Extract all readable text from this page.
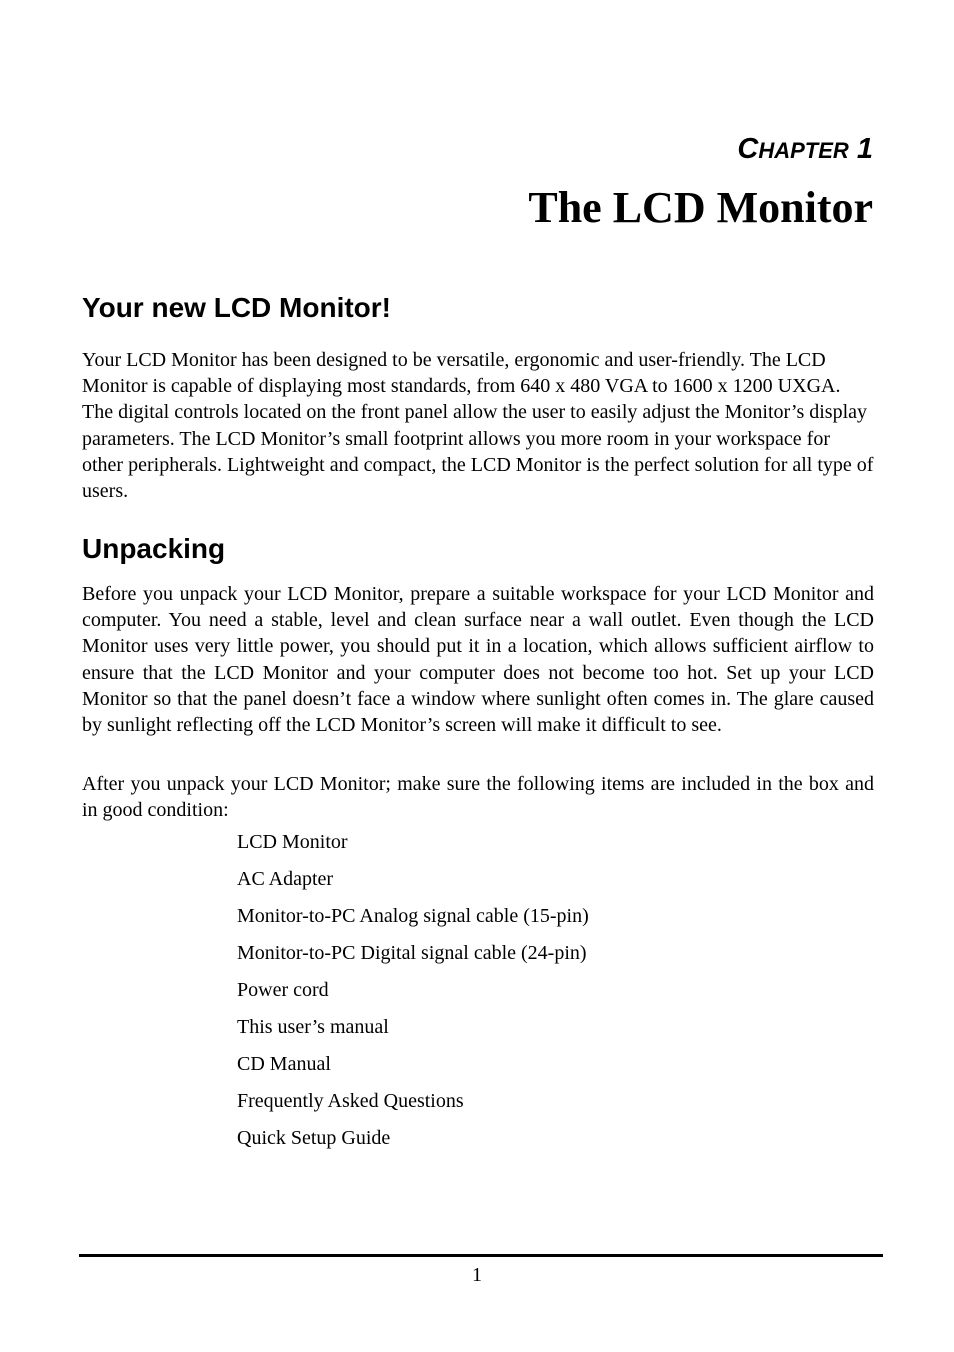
CHAPTER 1
The LCD Monitor
Your new LCD Monitor!

Your LCD Monitor has been designed to be versatile, ergonomic and user-friendly. The LCD Monitor is capable of displaying most standards, from 640 x 480 VGA to 1600 x 1200 UXGA. The digital controls located on the front panel allow the user to easily adjust the Monitor’s display parameters. The LCD Monitor’s small footprint allows you more room in your workspace for other peripherals. Lightweight and compact, the LCD Monitor is the perfect solution for all type of users.

Unpacking

Before you unpack your LCD Monitor, prepare a suitable workspace for your LCD Monitor and computer. You need a stable, level and clean surface near a wall outlet. Even though the LCD Monitor uses very little power, you should put it in a location, which allows sufficient airflow to ensure that the LCD Monitor and your computer does not become too hot. Set up your LCD Monitor so that the panel doesn’t face a window where sunlight often comes in. The glare caused by sunlight reflecting off the LCD Monitor’s screen will make it difficult to see.

After you unpack your LCD Monitor; make sure the following items are included in the box and in good condition:

LCD Monitor
AC Adapter
Monitor-to-PC Analog signal cable (15-pin)
Monitor-to-PC Digital signal cable (24-pin)
Power cord
This user’s manual
CD Manual
Frequently Asked Questions
Quick Setup Guide
1
